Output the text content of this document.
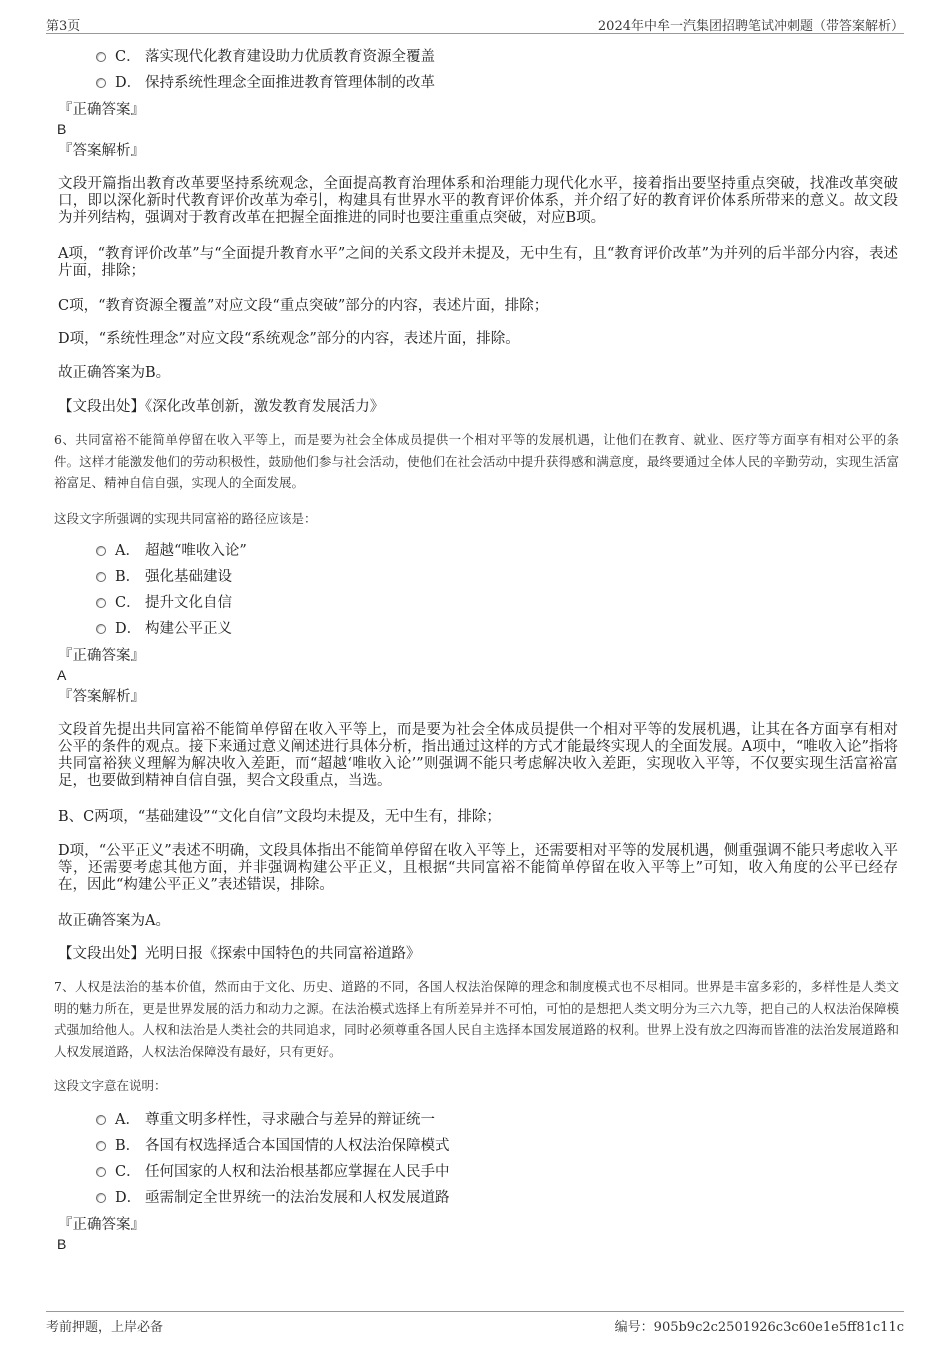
第3页	2024年中牟一汽集团招聘笔试冲刺题（带答案解析）
C． 落实现代化教育建设助力优质教育资源全覆盖
D． 保持系统性理念全面推进教育管理体制的改革
『正确答案』
B
『答案解析』
文段开篇指出教育改革要坚持系统观念，全面提高教育治理体系和治理能力现代化水平，接着指出要坚持重点突破，找准改革突破口，即以深化新时代教育评价改革为牵引，构建具有世界水平的教育评价体系，并介绍了好的教育评价体系所带来的意义。故文段为并列结构，强调对于教育改革在把握全面推进的同时也要注重重点突破，对应B项。
A项，“教育评价改革”与“全面提升教育水平”之间的关系文段并未提及，无中生有，且“教育评价改革”为并列的后半部分内容，表述片面，排除；
C项，“教育资源全覆盖”对应文段“重点突破”部分的内容，表述片面，排除；
D项，“系统性理念”对应文段“系统观念”部分的内容，表述片面，排除。
故正确答案为B。
【文段出处】《深化改革创新，激发教育发展活力》
6、共同富裕不能简单停留在收入平等上，而是要为社会全体成员提供一个相对平等的发展机遇，让他们在教育、就业、医疗等方面享有相对公平的条件。这样才能激发他们的劳动积极性，鼓励他们参与社会活动，使他们在社会活动中提升获得感和满意度，最终要通过全体人民的辛勤劳动，实现生活富裕富足、精神自信自强，实现人的全面发展。
这段文字所强调的实现共同富裕的路径应该是：
A． 超越“唯收入论”
B． 强化基础建设
C． 提升文化自信
D． 构建公平正义
『正确答案』
A
『答案解析』
文段首先提出共同富裕不能简单停留在收入平等上，而是要为社会全体成员提供一个相对平等的发展机遇，让其在各方面享有相对公平的条件的观点。接下来通过意义阐述进行具体分析，指出通过这样的方式才能最终实现人的全面发展。A项中，“唯收入论”指将共同富裕狭义理解为解决收入差距，而“超越‘唯收入论’”则强调不能只考虑解决收入差距，实现收入平等，不仅要实现生活富裕富足，也要做到精神自信自强，契合文段重点，当选。
B、C两项，“基础建设”“文化自信”文段均未提及，无中生有，排除；
D项，“公平正义”表述不明确，文段具体指出不能简单停留在收入平等上，还需要相对平等的发展机遇，侧重强调不能只考虑收入平等，还需要考虑其他方面，并非强调构建公平正义，且根据“共同富裕不能简单停留在收入平等上”可知，收入角度的公平已经存在，因此“构建公平正义”表述错误，排除。
故正确答案为A。
【文段出处】光明日报《探索中国特色的共同富裕道路》
7、人权是法治的基本价值，然而由于文化、历史、道路的不同，各国人权法治保障的理念和制度模式也不尽相同。世界是丰富多彩的，多样性是人类文明的魅力所在，更是世界发展的活力和动力之源。在法治模式选择上有所差异并不可怕，可怕的是想把人类文明分为三六九等，把自己的人权法治保障模式强加给他人。人权和法治是人类社会的共同追求，同时必须尊重各国人民自主选择本国发展道路的权利。世界上没有放之四海而皆准的法治发展道路和人权发展道路，人权法治保障没有最好，只有更好。
这段文字意在说明：
A． 尊重文明多样性，寻求融合与差异的辩证统一
B． 各国有权选择适合本国国情的人权法治保障模式
C． 任何国家的人权和法治根基都应掌握在人民手中
D． 亟需制定全世界统一的法治发展和人权发展道路
『正确答案』
B
考前押题，上岸必备	编号：905b9c2c2501926c3c60e1e5ff81c11c
